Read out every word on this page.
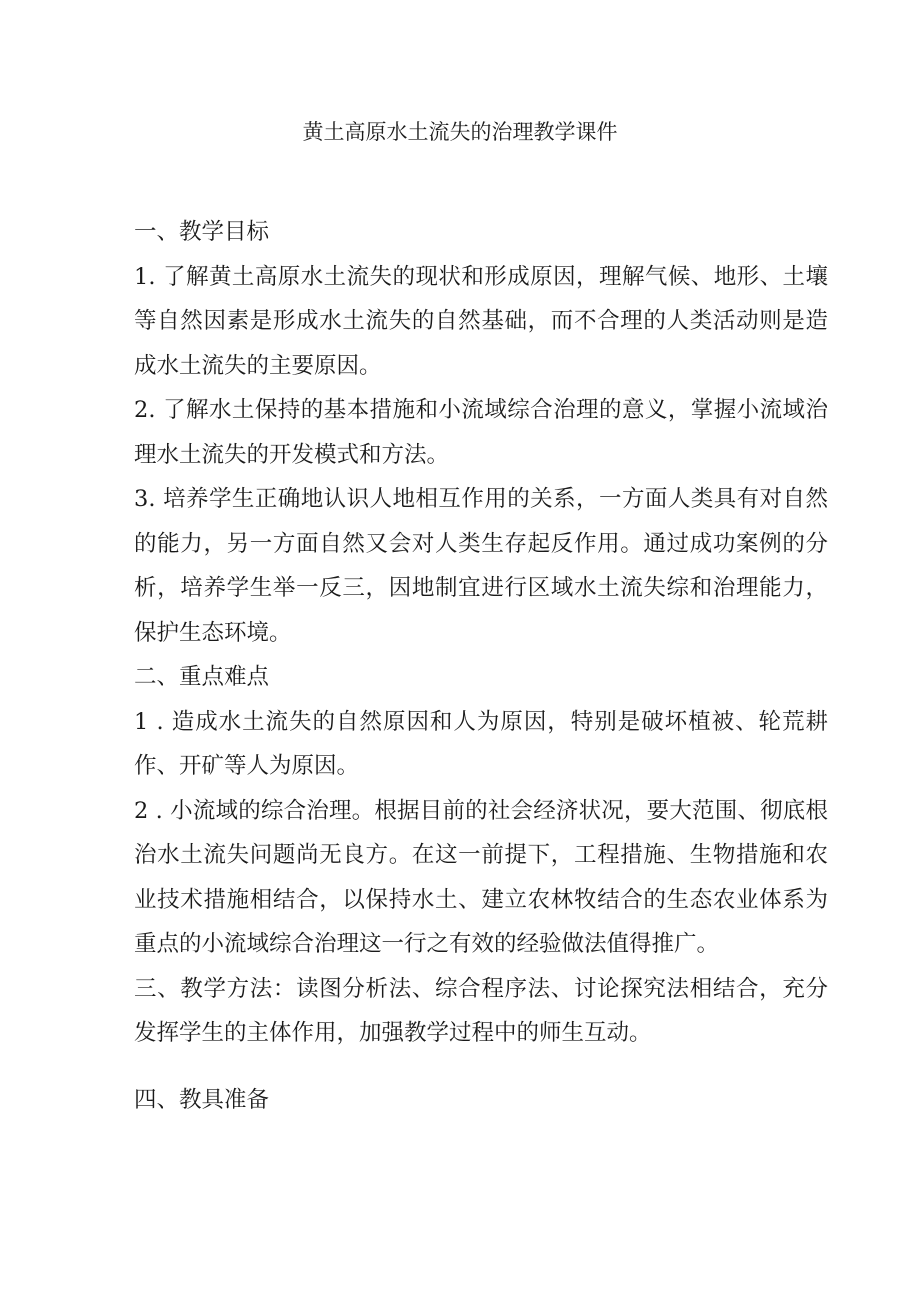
黄土高原水土流失的治理教学课件

一、教学目标

1. 了解黄土高原水土流失的现状和形成原因，理解气候、地形、土壤等自然因素是形成水土流失的自然基础，而不合理的人类活动则是造成水土流失的主要原因。

2. 了解水土保持的基本措施和小流域综合治理的意义，掌握小流域治理水土流失的开发模式和方法。

3. 培养学生正确地认识人地相互作用的关系，一方面人类具有对自然的能力，另一方面自然又会对人类生存起反作用。通过成功案例的分析，培养学生举一反三，因地制宜进行区域水土流失综和治理能力，保护生态环境。

二、重点难点

1 . 造成水土流失的自然原因和人为原因，特别是破坏植被、轮荒耕作、开矿等人为原因。

2 . 小流域的综合治理。根据目前的社会经济状况，要大范围、彻底根治水土流失问题尚无良方。在这一前提下，工程措施、生物措施和农业技术措施相结合，以保持水土、建立农林牧结合的生态农业体系为重点的小流域综合治理这一行之有效的经验做法值得推广。

三、教学方法：读图分析法、综合程序法、讨论探究法相结合，充分发挥学生的主体作用，加强教学过程中的师生互动。

四、教具准备
